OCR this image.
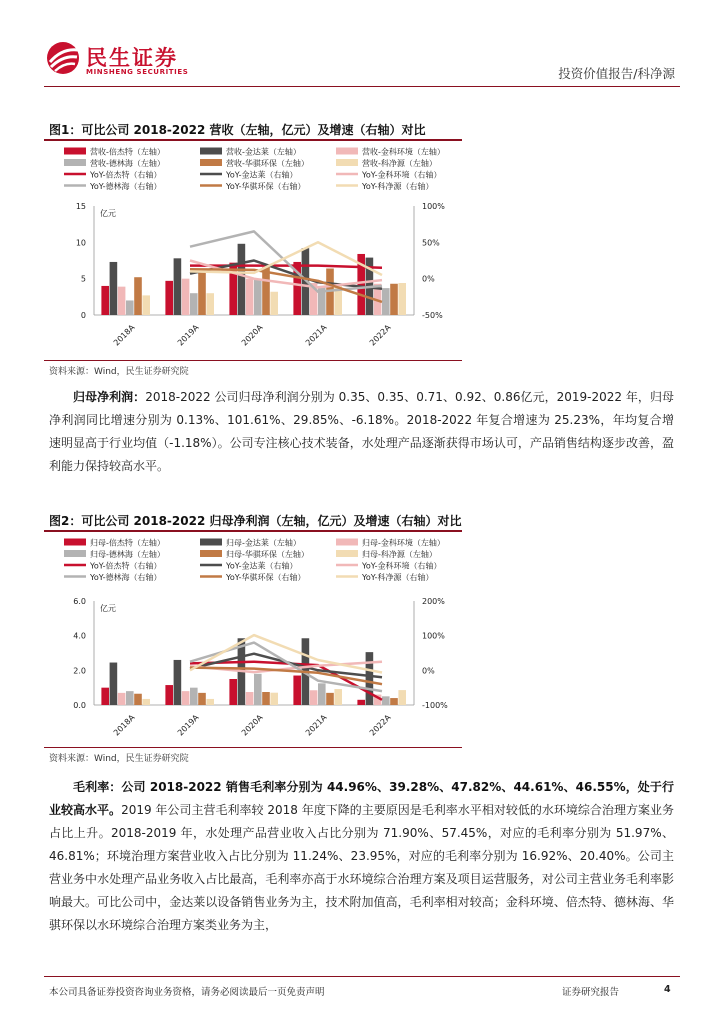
民生证券
MINSHENG SECURITIES	投资价值报告/科净源
图1：可比公司 2018-2022 营收（左轴，亿元）及增速（右轴）对比
营收-倍杰特（左轴）	营收-金达莱（左轴）	营收-金科环境（左轴）
营收-德林海（左轴）	营收-华骐环保（左轴）	营收-科净源（左轴）
YoY-倍杰特（右轴）	YoY-金达莱（右轴）	YoY-金科环境（右轴）
YoY-德林海（右轴）	YoY-华骐环保（右轴）	YoY-科净源（右轴）
15
10
5
0
100%
50%
0%
-50%
亿元
2018A	2019A	2020A	2021A	2022A
资料来源：Wind，民生证券研究院
归母净利润：2018-2022 公司归母净利润分别为 0.35、0.35、0.71、0.92、0.86亿元，2019-2022 年，归母净利润同比增速分别为 0.13%、101.61%、29.85%、-6.18%。2018-2022 年复合增速为 25.23%，年均复合增速明显高于行业均值（-1.18%）。公司专注核心技术装备，水处理产品逐渐获得市场认可，产品销售结构逐步改善，盈利能力保持较高水平。
图2：可比公司 2018-2022 归母净利润（左轴，亿元）及增速（右轴）对比
归母-倍杰特（左轴）	归母-金达莱（左轴）	归母-金科环境（左轴）
归母-德林海（左轴）	归母-华骐环保（左轴）	归母-科净源（左轴）
YoY-倍杰特（右轴）	YoY-金达莱（右轴）	YoY-金科环境（右轴）
YoY-德林海（右轴）	YoY-华骐环保（右轴）	YoY-科净源（右轴）
6.0
4.0
2.0
0.0
200%
100%
0%
-100%
亿元
2018A	2019A	2020A	2021A	2022A
资料来源：Wind，民生证券研究院
毛利率：公司 2018-2022 销售毛利率分别为 44.96%、39.28%、47.82%、44.61%、46.55%，处于行业较高水平。2019 年公司主营毛利率较 2018 年度下降的主要原因是毛利率水平相对较低的水环境综合治理方案业务占比上升。2018-2019 年，水处理产品营业收入占比分别为 71.90%、57.45%，对应的毛利率分别为 51.97%、46.81%；环境治理方案营业收入占比分别为 11.24%、23.95%，对应的毛利率分别为 16.92%、20.40%。公司主营业务中水处理产品业务收入占比最高，毛利率亦高于水环境综合治理方案及项目运营服务，对公司主营业务毛利率影响最大。可比公司中，金达莱以设备销售业务为主，技术附加值高，毛利率相对较高；金科环境、倍杰特、德林海、华骐环保以水环境综合治理方案类业务为主，
本公司具备证券投资咨询业务资格，请务必阅读最后一页免责声明	证券研究报告	4
